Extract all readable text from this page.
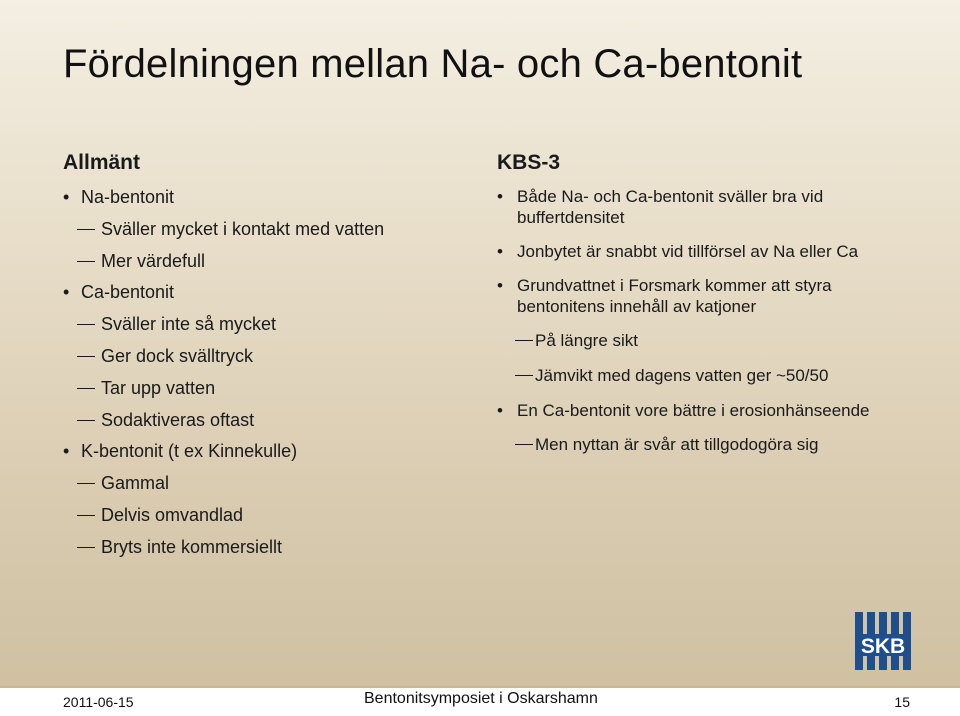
Fördelningen mellan Na- och Ca-bentonit
Allmänt
• Na-bentonit
Sväller mycket i kontakt med vatten
Mer värdefull
• Ca-bentonit
Sväller inte så mycket
Ger dock svälltryck
Tar upp vatten
Sodaktiveras oftast
• K-bentonit (t ex Kinnekulle)
Gammal
Delvis omvandlad
Bryts inte kommersiellt
KBS-3
• Både Na- och Ca-bentonit sväller bra vid buffertdensitet
• Jonbytet är snabbt vid tillförsel av Na eller Ca
• Grundvattnet i Forsmark kommer att styra bentonitens innehåll av katjoner
På längre sikt
Jämvikt med dagens vatten ger ~50/50
• En Ca-bentonit vore bättre i erosionhänseende
Men nyttan är svår att tillgodogöra sig
SKB
2011-06-15	Bentonitsymposiet i Oskarshamn	15
